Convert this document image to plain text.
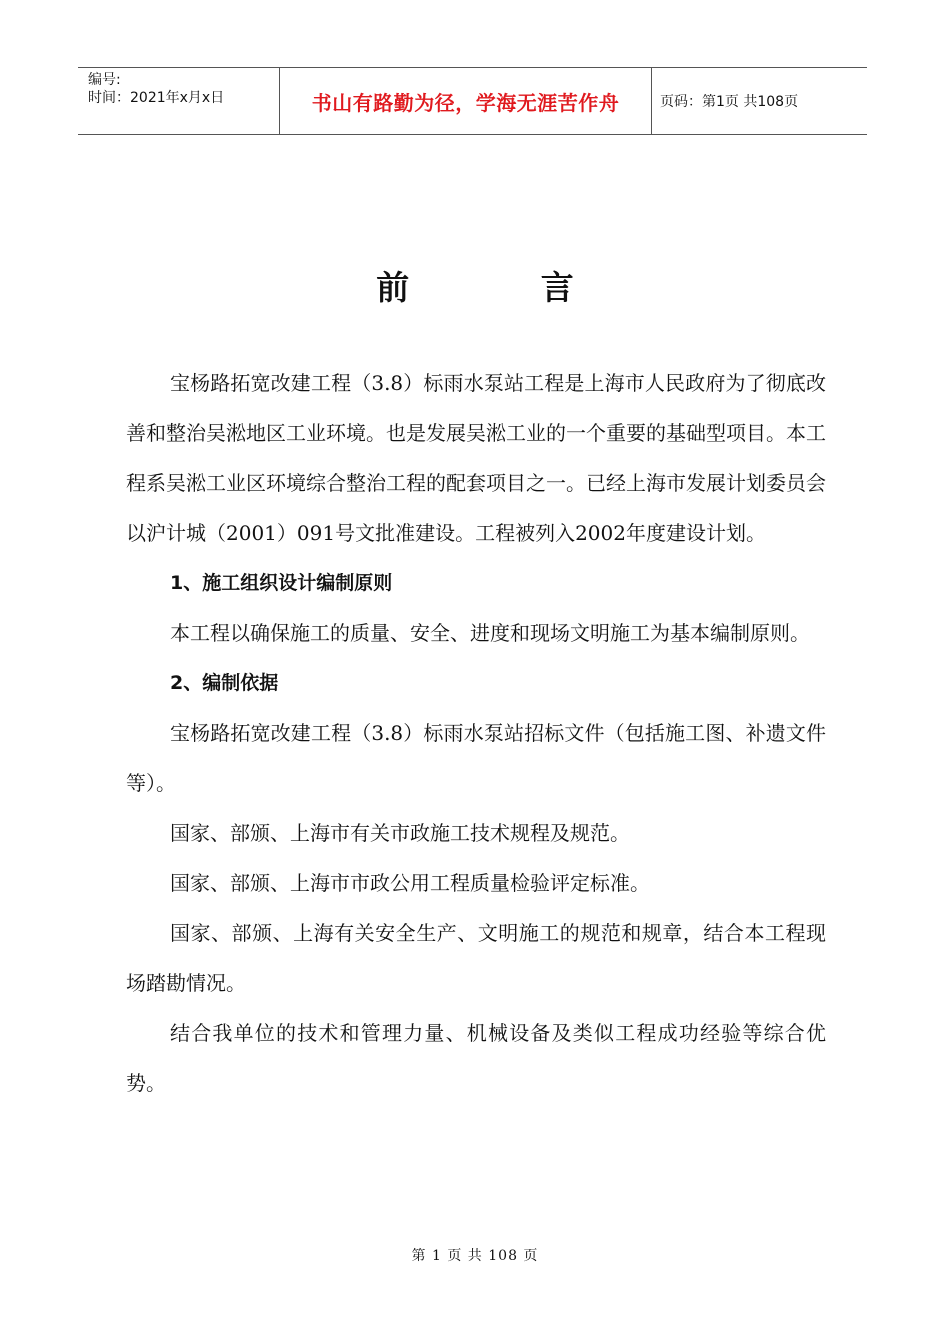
编号:
时间：2021年x月x日	书山有路勤为径，学海无涯苦作舟	页码：第1页 共108页
前 言

宝杨路拓宽改建工程（3.8）标雨水泵站工程是上海市人民政府为了彻底改善和整治吴淞地区工业环境。也是发展吴淞工业的一个重要的基础型项目。本工程系吴淞工业区环境综合整治工程的配套项目之一。已经上海市发展计划委员会以沪计城（2001）091号文批准建设。工程被列入2002年度建设计划。

1、施工组织设计编制原则

本工程以确保施工的质量、安全、进度和现场文明施工为基本编制原则。

2、编制依据

宝杨路拓宽改建工程（3.8）标雨水泵站招标文件（包括施工图、补遗文件等）。

国家、部颁、上海市有关市政施工技术规程及规范。

国家、部颁、上海市市政公用工程质量检验评定标准。

国家、部颁、上海有关安全生产、文明施工的规范和规章，结合本工程现场踏勘情况。

结合我单位的技术和管理力量、机械设备及类似工程成功经验等综合优势。

第 1 页 共 108 页
